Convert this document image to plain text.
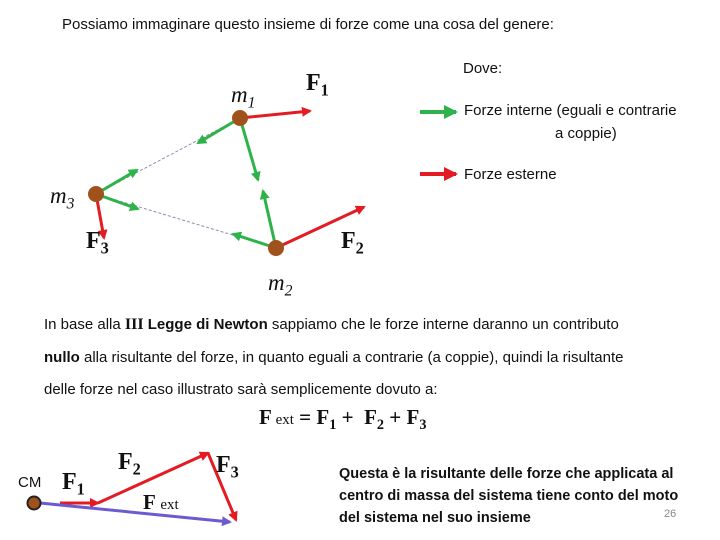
Possiamo immaginare questo insieme di forze come una cosa del genere:
$m_1$
$m_2$
$m_3$
$F_1$
$F_2$
$F_3$
Dove:
Forze interne (eguali e contrarie
a coppie)
Forze esterne
In base alla III Legge di Newton sappiamo che le forze interne daranno un contributo
nullo alla risultante del forze, in quanto eguali a contrarie (a coppie), quindi la risultante
delle forze nel caso illustrato sarà semplicemente dovuto a:
F ext = $F_1 + F_2 + F_3$
CM $F_1$
$F_2$	$F_3$
F ext
Questa è la risultante delle forze che applicata al
centro di massa del sistema tiene conto del moto
del sistema nel suo insieme	26
